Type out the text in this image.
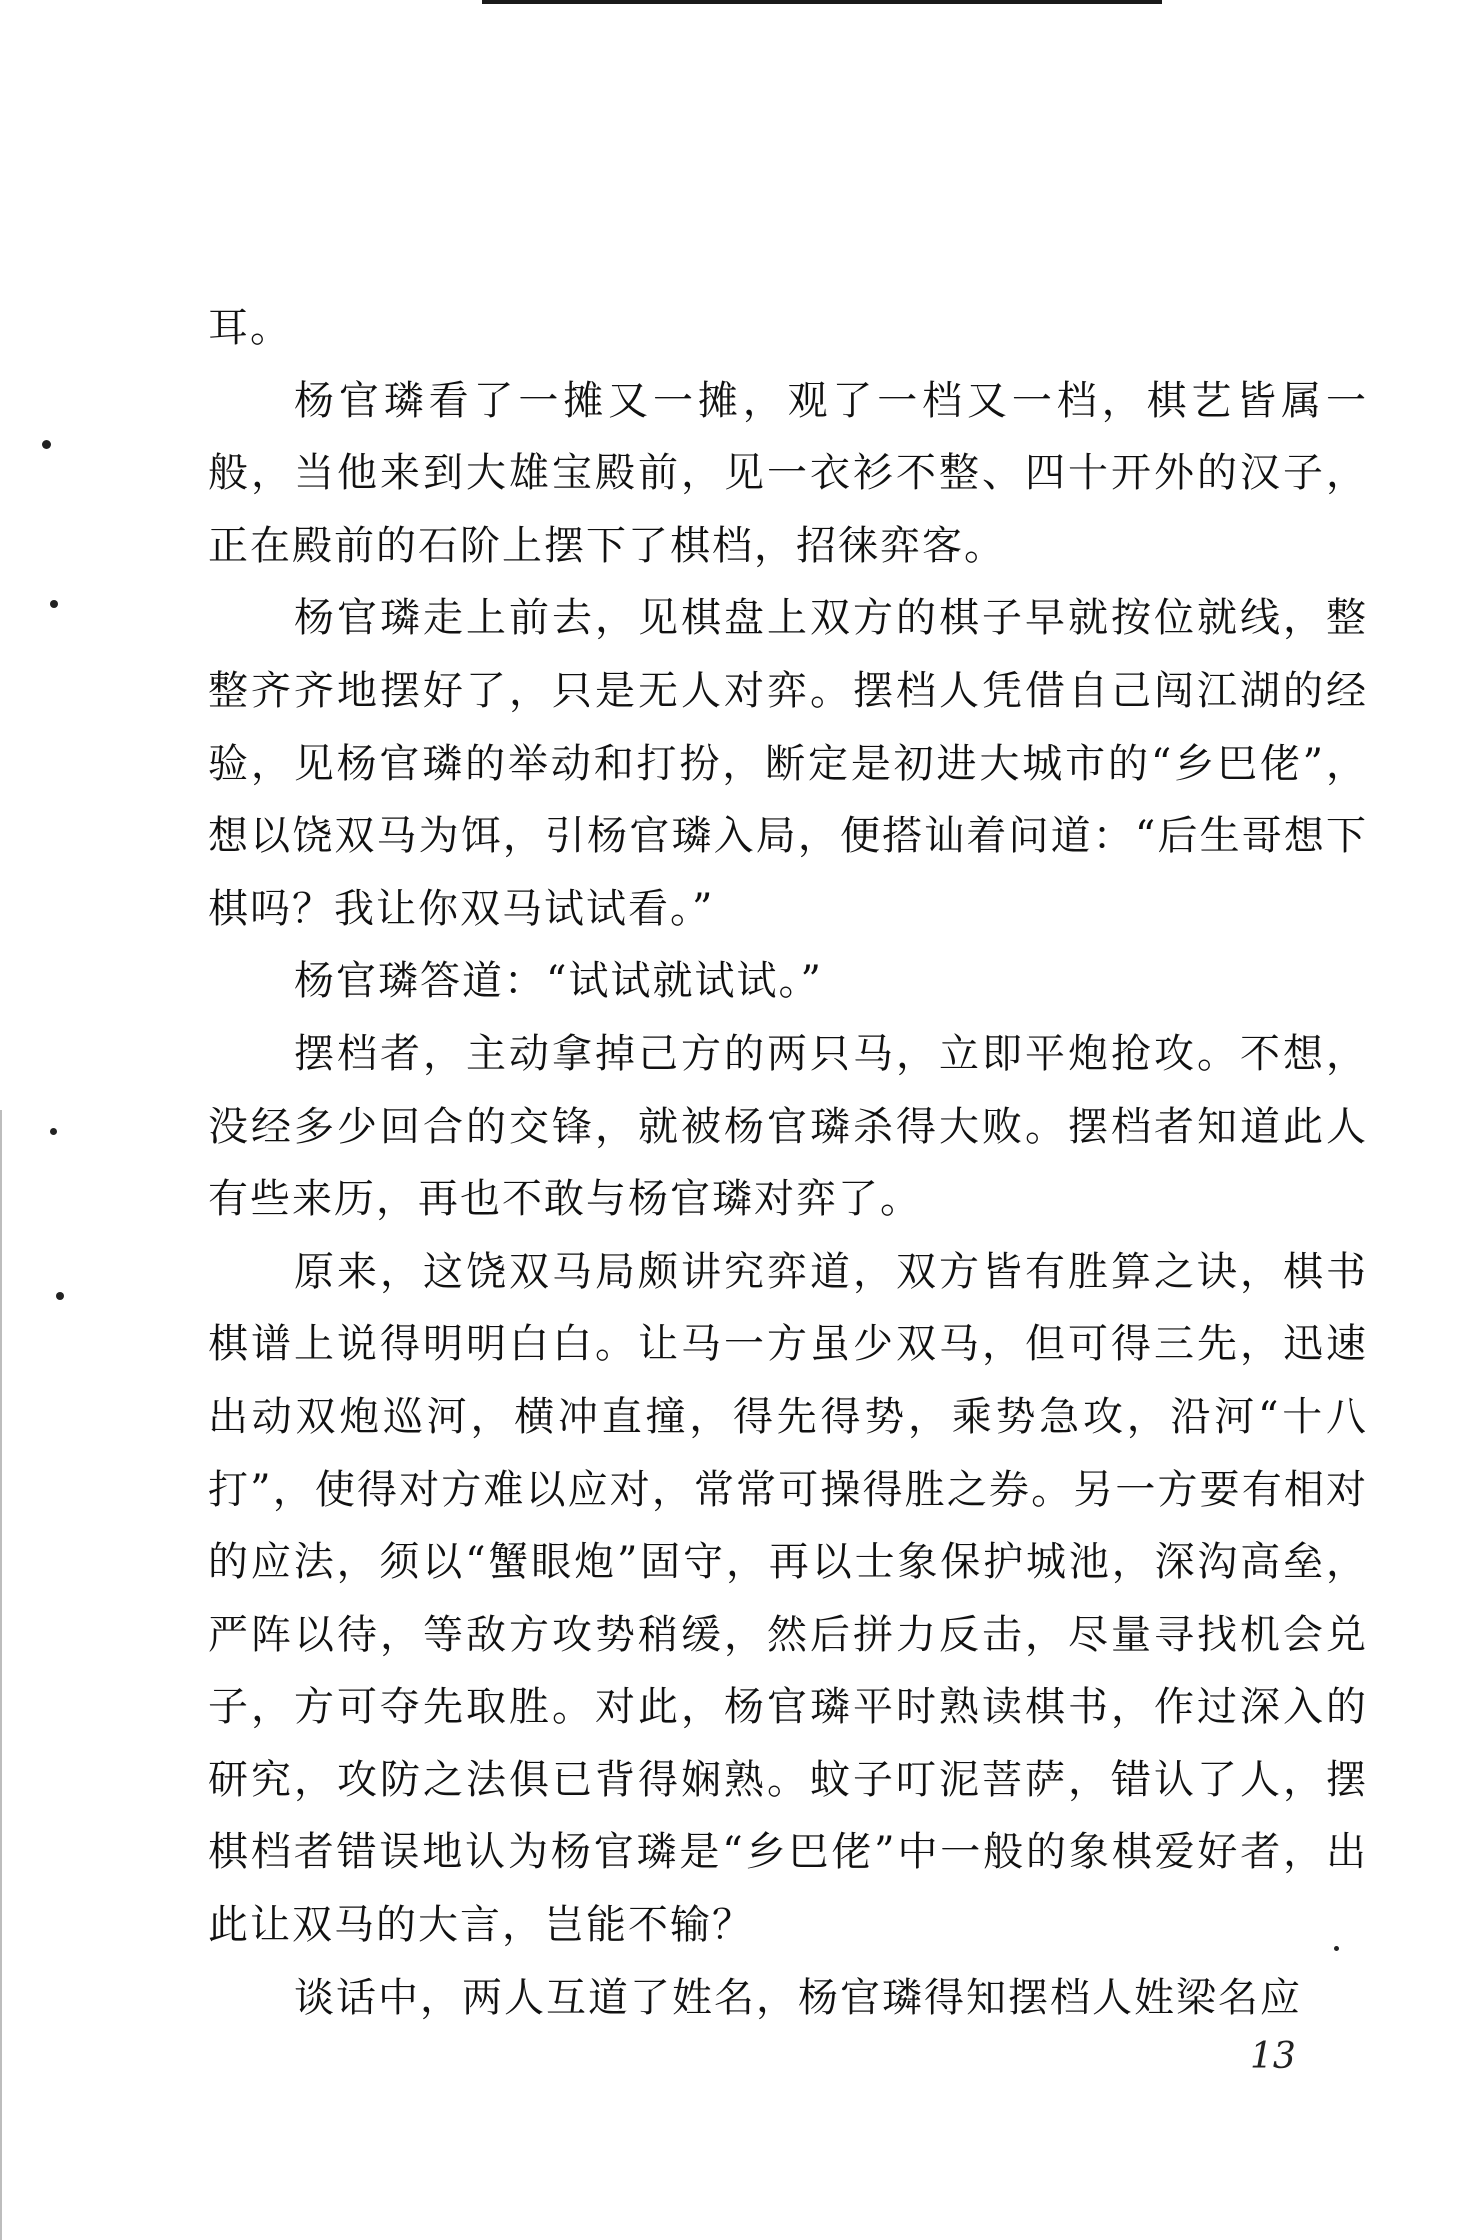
耳。

杨官璘看了一摊又一摊，观了一档又一档，棋艺皆属一般，当他来到大雄宝殿前，见一衣衫不整、四十开外的汉子，正在殿前的石阶上摆下了棋档，招徕弈客。

杨官璘走上前去，见棋盘上双方的棋子早就按位就线，整整齐齐地摆好了，只是无人对弈。摆档人凭借自己闯江湖的经验，见杨官璘的举动和打扮，断定是初进大城市的“乡巴佬”，想以饶双马为饵，引杨官璘入局，便搭讪着问道：“后生哥想下棋吗？我让你双马试试看。”

杨官璘答道：“试试就试试。”

摆档者，主动拿掉己方的两只马，立即平炮抢攻。不想，没经多少回合的交锋，就被杨官璘杀得大败。摆档者知道此人有些来历，再也不敢与杨官璘对弈了。

原来，这饶双马局颇讲究弈道，双方皆有胜算之诀，棋书棋谱上说得明明白白。让马一方虽少双马，但可得三先，迅速出动双炮巡河，横冲直撞，得先得势，乘势急攻，沿河“十八打”，使得对方难以应对，常常可操得胜之券。另一方要有相对的应法，须以“蟹眼炮”固守，再以士象保护城池，深沟高垒，严阵以待，等敌方攻势稍缓，然后拼力反击，尽量寻找机会兑子，方可夺先取胜。对此，杨官璘平时熟读棋书，作过深入的研究，攻防之法俱已背得娴熟。蚊子叮泥菩萨，错认了人，摆棋档者错误地认为杨官璘是“乡巴佬”中一般的象棋爱好者，出此让双马的大言，岂能不输？

谈话中，两人互道了姓名，杨官璘得知摆档人姓梁名应

13
